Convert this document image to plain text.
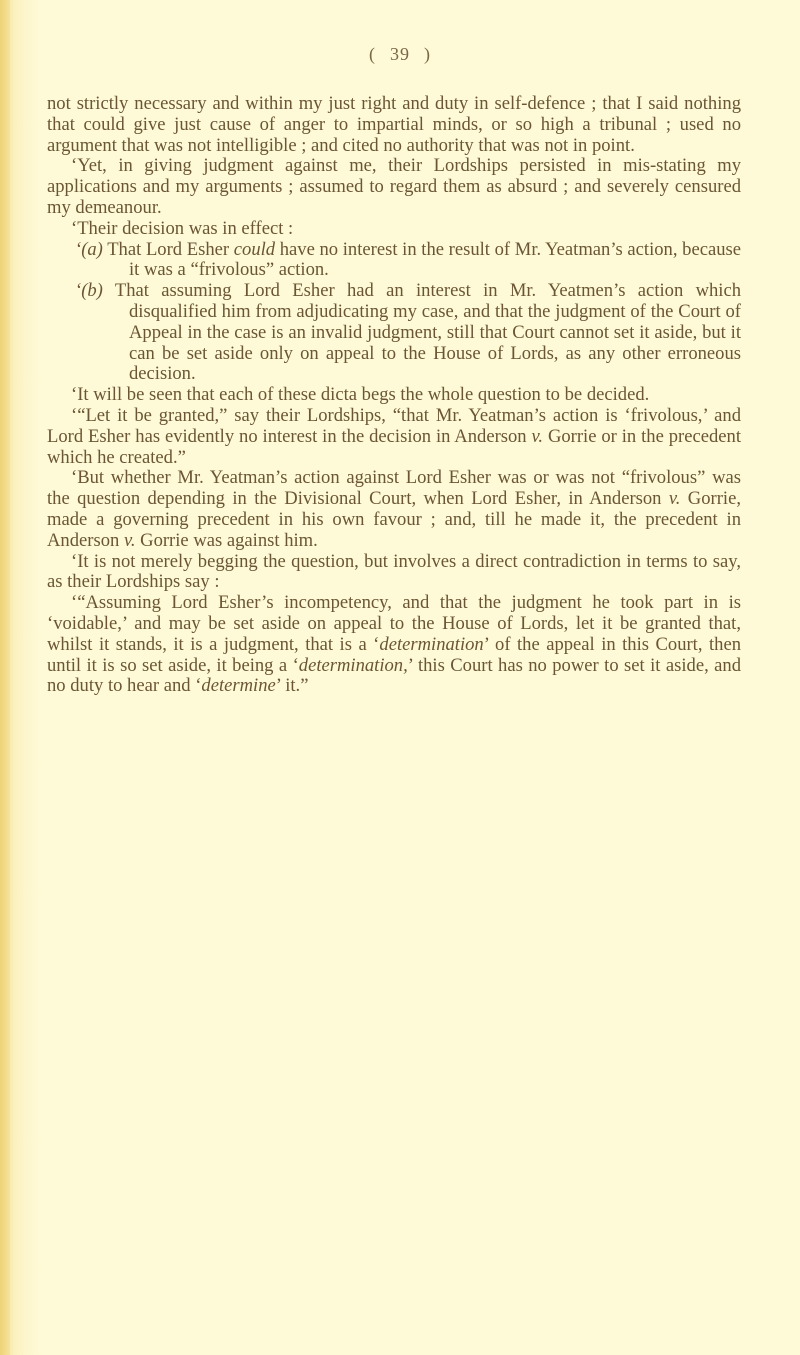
( 39 )

not strictly necessary and within my just right and duty in self-defence ; that I said nothing that could give just cause of anger to impartial minds, or so high a tribunal ; used no argument that was not intelligible ; and cited no authority that was not in point.

‘Yet, in giving judgment against me, their Lordships persisted in mis-stating my applications and my arguments ; assumed to regard them as absurd ; and severely censured my demeanour.

‘Their decision was in effect :

‘(a) That Lord Esher could have no interest in the result of Mr. Yeatman’s action, because it was a “frivolous” action.

‘(b) That assuming Lord Esher had an interest in Mr. Yeatmen’s action which disqualified him from adjudicating my case, and that the judgment of the Court of Appeal in the case is an invalid judgment, still that Court cannot set it aside, but it can be set aside only on appeal to the House of Lords, as any other erroneous decision.

‘It will be seen that each of these dicta begs the whole question to be decided.

‘“Let it be granted,” say their Lordships, “that Mr. Yeatman’s action is ‘frivolous,’ and Lord Esher has evidently no interest in the decision in Anderson v. Gorrie or in the precedent which he created.”

‘But whether Mr. Yeatman’s action against Lord Esher was or was not “frivolous” was the question depending in the Divisional Court, when Lord Esher, in Anderson v. Gorrie, made a governing precedent in his own favour ; and, till he made it, the precedent in Anderson v. Gorrie was against him.

‘It is not merely begging the question, but involves a direct contradiction in terms to say, as their Lordships say :

‘“Assuming Lord Esher’s incompetency, and that the judgment he took part in is ‘voidable,’ and may be set aside on appeal to the House of Lords, let it be granted that, whilst it stands, it is a judgment, that is a ‘determination’ of the appeal in this Court, then until it is so set aside, it being a ‘determination,’ this Court has no power to set it aside, and no duty to hear and ‘determine’ it.”
